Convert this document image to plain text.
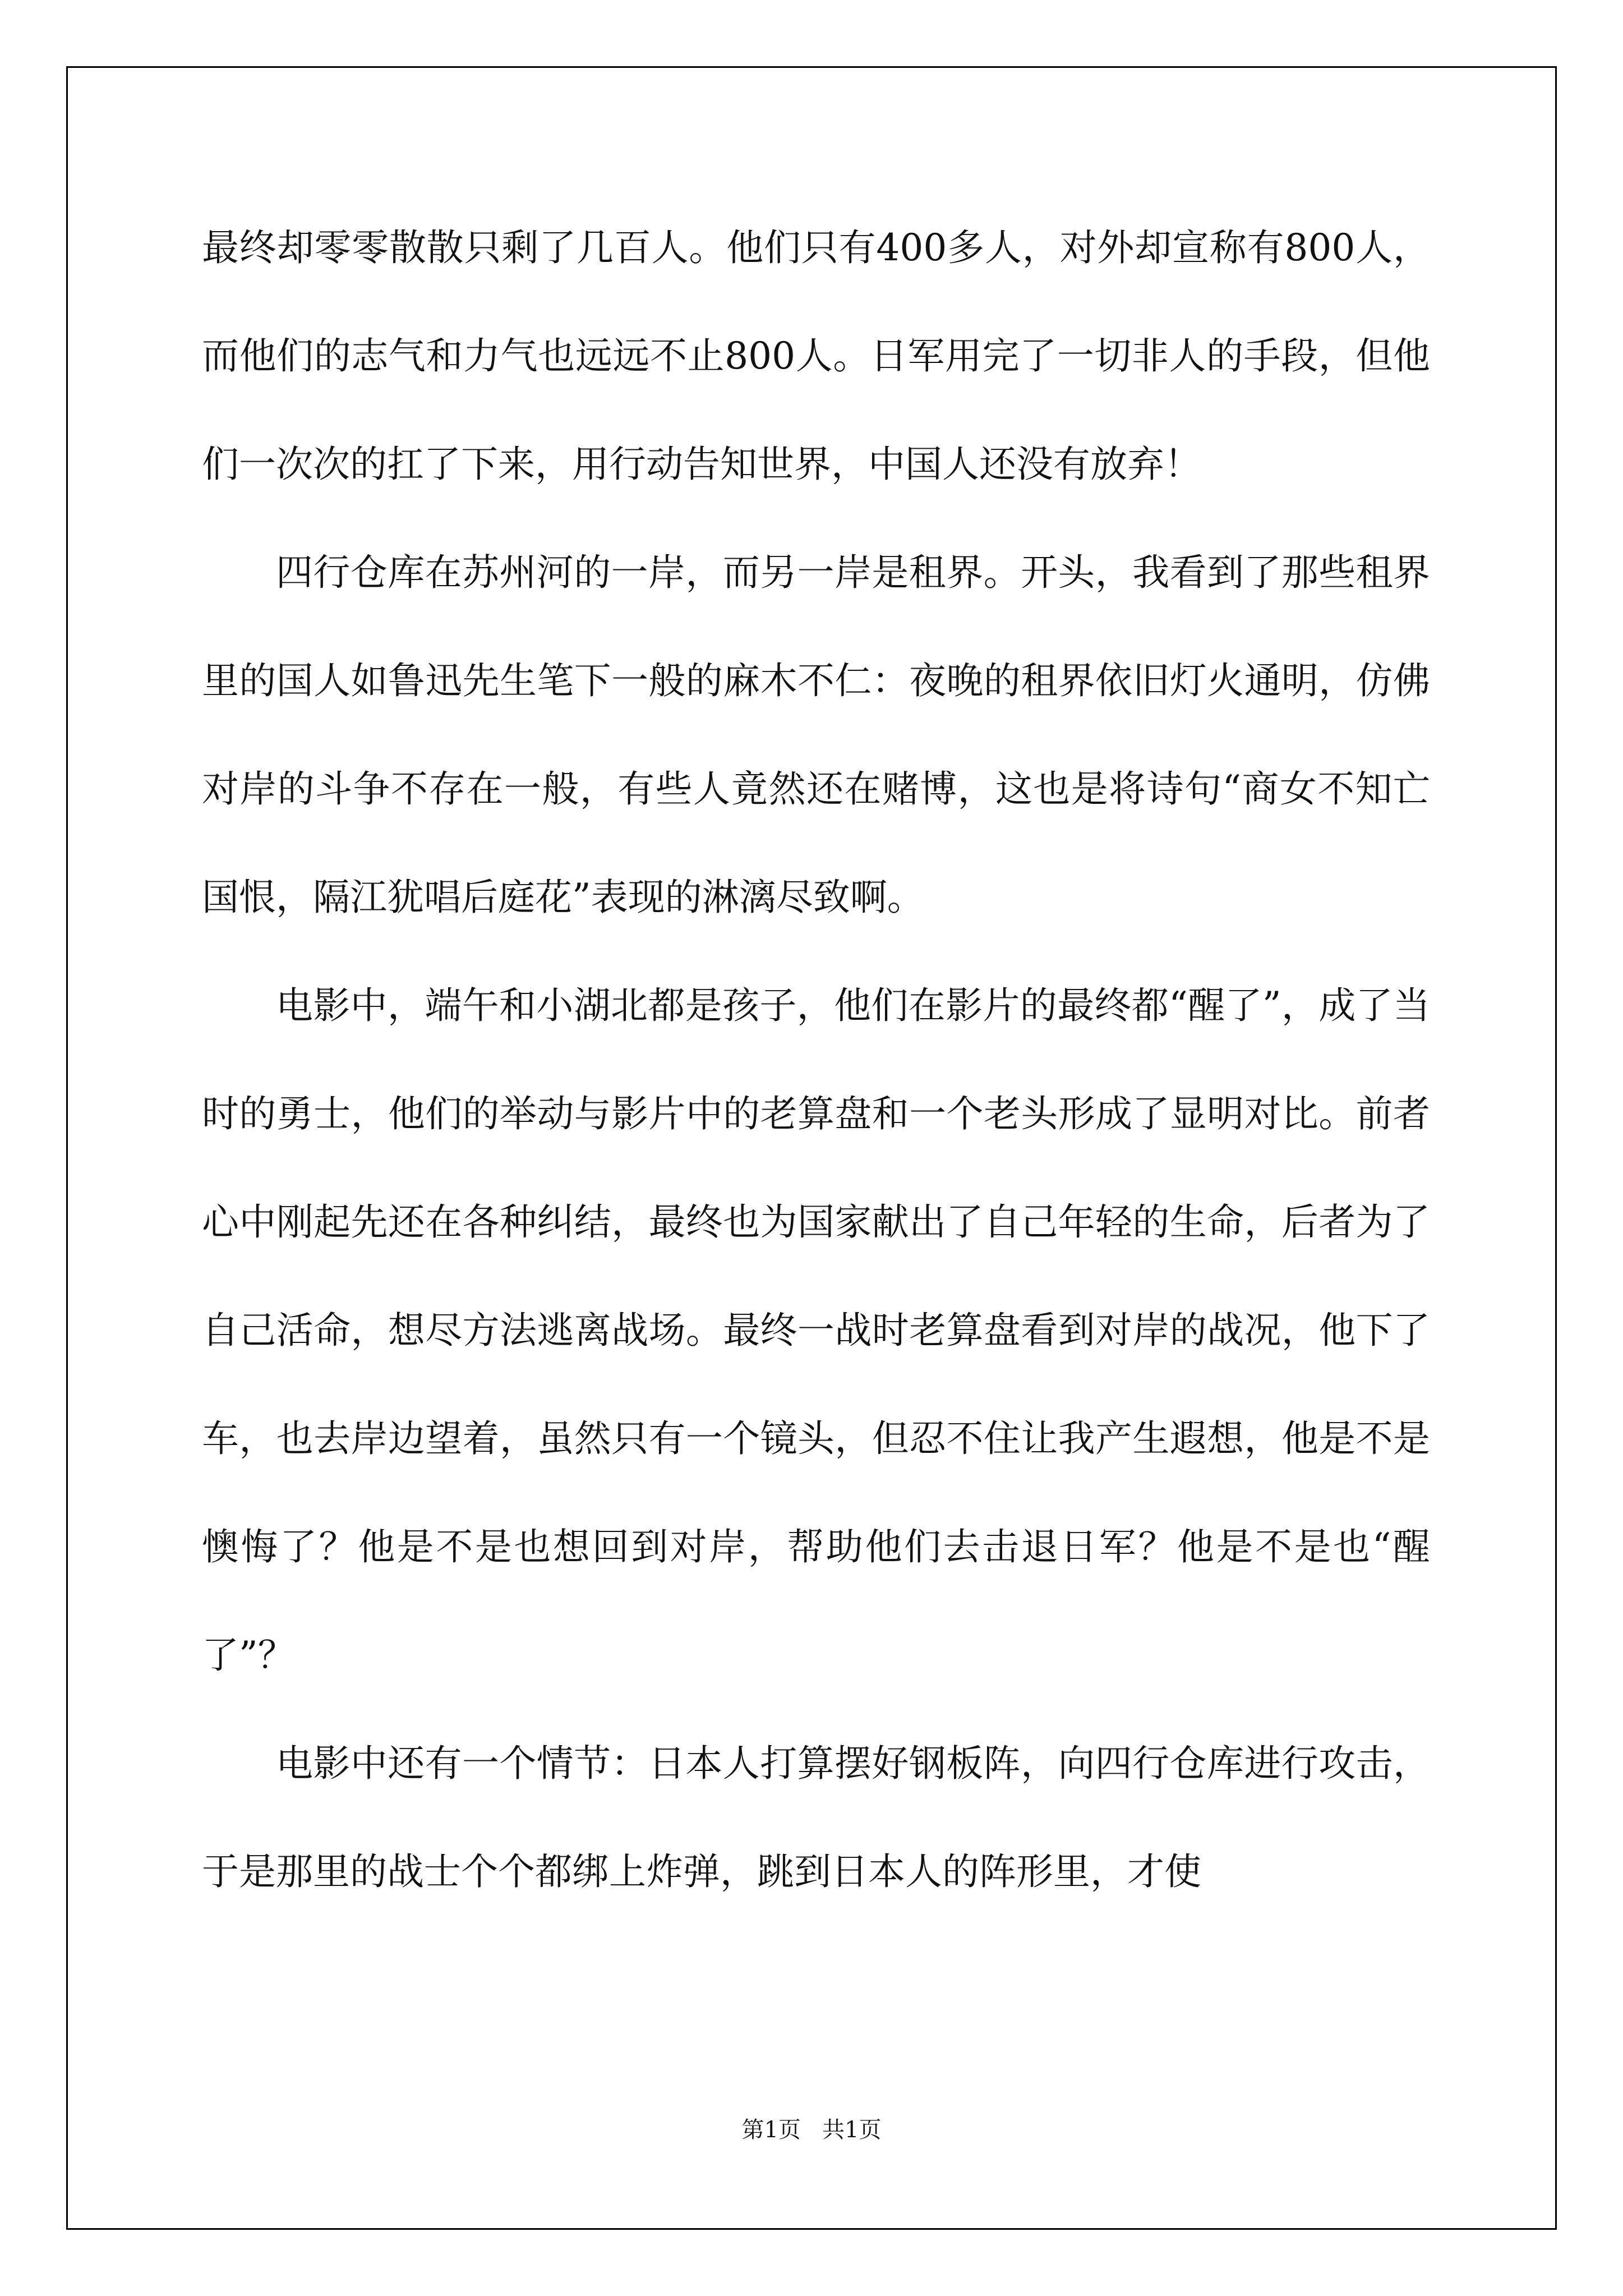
最终却零零散散只剩了几百人。他们只有400多人，对外却宣称有800人，而他们的志气和力气也远远不止800人。日军用完了一切非人的手段，但他们一次次的扛了下来，用行动告知世界，中国人还没有放弃！

四行仓库在苏州河的一岸，而另一岸是租界。开头，我看到了那些租界里的国人如鲁迅先生笔下一般的麻木不仁：夜晚的租界依旧灯火通明，仿佛对岸的斗争不存在一般，有些人竟然还在赌博，这也是将诗句“商女不知亡国恨，隔江犹唱后庭花”表现的淋漓尽致啊。

电影中，端午和小湖北都是孩子，他们在影片的最终都“醒了”，成了当时的勇士，他们的举动与影片中的老算盘和一个老头形成了显明对比。前者心中刚起先还在各种纠结，最终也为国家献出了自己年轻的生命，后者为了自己活命，想尽方法逃离战场。最终一战时老算盘看到对岸的战况，他下了车，也去岸边望着，虽然只有一个镜头，但忍不住让我产生遐想，他是不是懊悔了？他是不是也想回到对岸，帮助他们去击退日军？他是不是也“醒了”？

电影中还有一个情节：日本人打算摆好钢板阵，向四行仓库进行攻击，于是那里的战士个个都绑上炸弹，跳到日本人的阵形里，才使

第1页   共1页
